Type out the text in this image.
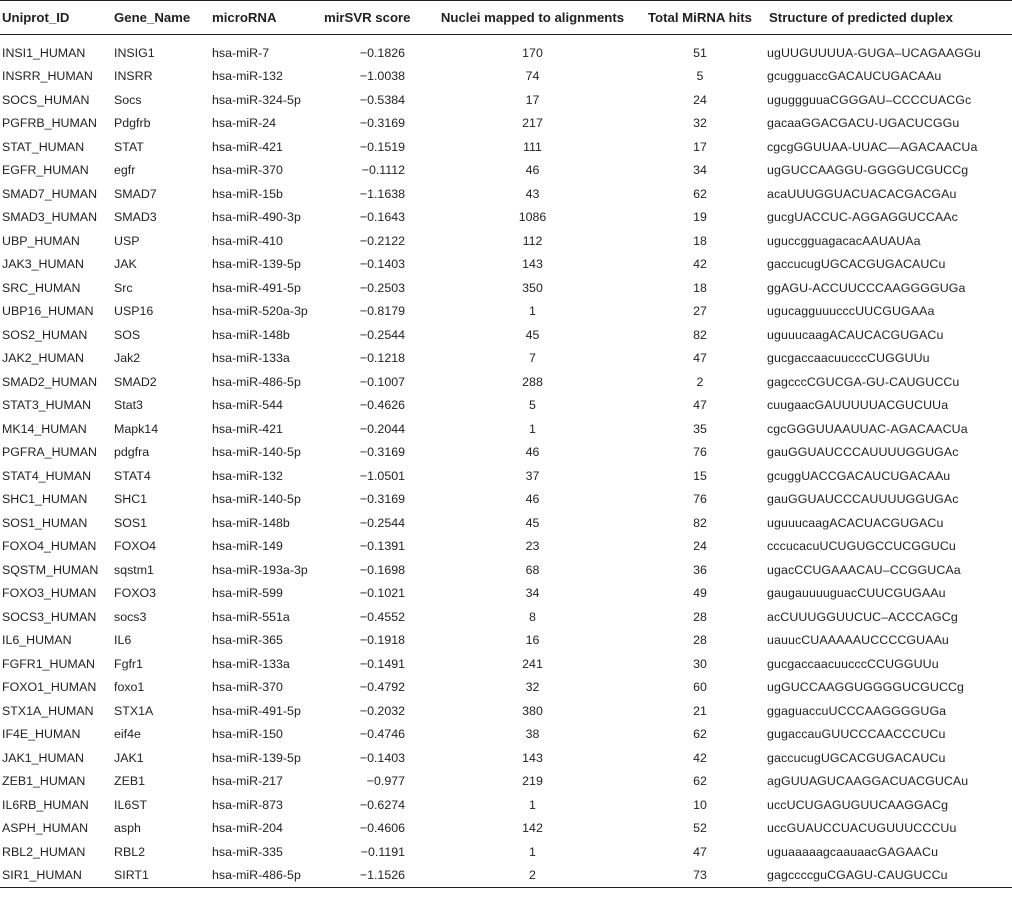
Uniprot_ID	Gene_Name	microRNA	mirSVR score	Nuclei mapped to alignments	Total MiRNA hits	Structure of predicted duplex
INSI1_HUMAN	INSIG1	hsa-miR-7	−0.1826	170	51	ugUUGUUUUA-GUGA–UCAGAAGGu
INSRR_HUMAN	INSRR	hsa-miR-132	−1.0038	74	5	gcugguaccGACAUCUGACAAu
SOCS_HUMAN	Socs	hsa-miR-324-5p	−0.5384	17	24	uguggguuaCGGGAU–CCCCUACGc
PGFRB_HUMAN	Pdgfrb	hsa-miR-24	−0.3169	217	32	gacaaGGACGACU-UGACUCGGu
STAT_HUMAN	STAT	hsa-miR-421	−0.1519	111	17	cgcgGGUUAA-UUAC—AGACAACUa
EGFR_HUMAN	egfr	hsa-miR-370	−0.1112	46	34	ugGUCCAAGGU-GGGGUCGUCCg
SMAD7_HUMAN	SMAD7	hsa-miR-15b	−1.1638	43	62	acaUUUGGUACUACACGACGAu
SMAD3_HUMAN	SMAD3	hsa-miR-490-3p	−0.1643	1086	19	gucgUACCUC-AGGAGGUCCAAc
UBP_HUMAN	USP	hsa-miR-410	−0.2122	112	18	uguccgguagacacAAUAUAa
JAK3_HUMAN	JAK	hsa-miR-139-5p	−0.1403	143	42	gaccucugUGCACGUGACAUCu
SRC_HUMAN	Src	hsa-miR-491-5p	−0.2503	350	18	ggAGU-ACCUUCCCAAGGGGUGa
UBP16_HUMAN	USP16	hsa-miR-520a-3p	−0.8179	1	27	ugucagguuucccUUCGUGAAa
SOS2_HUMAN	SOS	hsa-miR-148b	−0.2544	45	82	uguuucaagACAUCACGUGACu
JAK2_HUMAN	Jak2	hsa-miR-133a	−0.1218	7	47	gucgaccaacuucccCUGGUUu
SMAD2_HUMAN	SMAD2	hsa-miR-486-5p	−0.1007	288	2	gagcccCGUCGA-GU-CAUGUCCu
STAT3_HUMAN	Stat3	hsa-miR-544	−0.4626	5	47	cuugaacGAUUUUUACGUCUUa
MK14_HUMAN	Mapk14	hsa-miR-421	−0.2044	1	35	cgcGGGUUAAUUAC-AGACAACUa
PGFRA_HUMAN	pdgfra	hsa-miR-140-5p	−0.3169	46	76	gauGGUAUCCCAUUUUGGUGAc
STAT4_HUMAN	STAT4	hsa-miR-132	−1.0501	37	15	gcuggUACCGACAUCUGACAAu
SHC1_HUMAN	SHC1	hsa-miR-140-5p	−0.3169	46	76	gauGGUAUCCCAUUUUGGUGAc
SOS1_HUMAN	SOS1	hsa-miR-148b	−0.2544	45	82	uguuucaagACACUACGUGACu
FOXO4_HUMAN	FOXO4	hsa-miR-149	−0.1391	23	24	cccucacuUCUGUGCCUCGGUCu
SQSTM_HUMAN	sqstm1	hsa-miR-193a-3p	−0.1698	68	36	ugacCCUGAAACAU–CCGGUCAa
FOXO3_HUMAN	FOXO3	hsa-miR-599	−0.1021	34	49	gaugauuuuguacCUUCGUGAAu
SOCS3_HUMAN	socs3	hsa-miR-551a	−0.4552	8	28	acCUUUGGUUCUC–ACCCAGCg
IL6_HUMAN	IL6	hsa-miR-365	−0.1918	16	28	uauucCUAAAAAUCCCCGUAAu
FGFR1_HUMAN	Fgfr1	hsa-miR-133a	−0.1491	241	30	gucgaccaacuucccCCUGGUUu
FOXO1_HUMAN	foxo1	hsa-miR-370	−0.4792	32	60	ugGUCCAAGGUGGGGUCGUCCg
STX1A_HUMAN	STX1A	hsa-miR-491-5p	−0.2032	380	21	ggaguaccuUCCCAAGGGGUGa
IF4E_HUMAN	eif4e	hsa-miR-150	−0.4746	38	62	gugaccauGUUCCCAACCCUCu
JAK1_HUMAN	JAK1	hsa-miR-139-5p	−0.1403	143	42	gaccucugUGCACGUGACAUCu
ZEB1_HUMAN	ZEB1	hsa-miR-217	−0.977	219	62	agGUUAGUCAAGGACUACGUCAu
IL6RB_HUMAN	IL6ST	hsa-miR-873	−0.6274	1	10	uccUCUGAGUGUUCAAGGACg
ASPH_HUMAN	asph	hsa-miR-204	−0.4606	142	52	uccGUAUCCUACUGUUUCCCUu
RBL2_HUMAN	RBL2	hsa-miR-335	−0.1191	1	47	uguaaaaagcaauaacGAGAACu
SIR1_HUMAN	SIRT1	hsa-miR-486-5p	−1.1526	2	73	gagccccguCGAGU-CAUGUCCu
